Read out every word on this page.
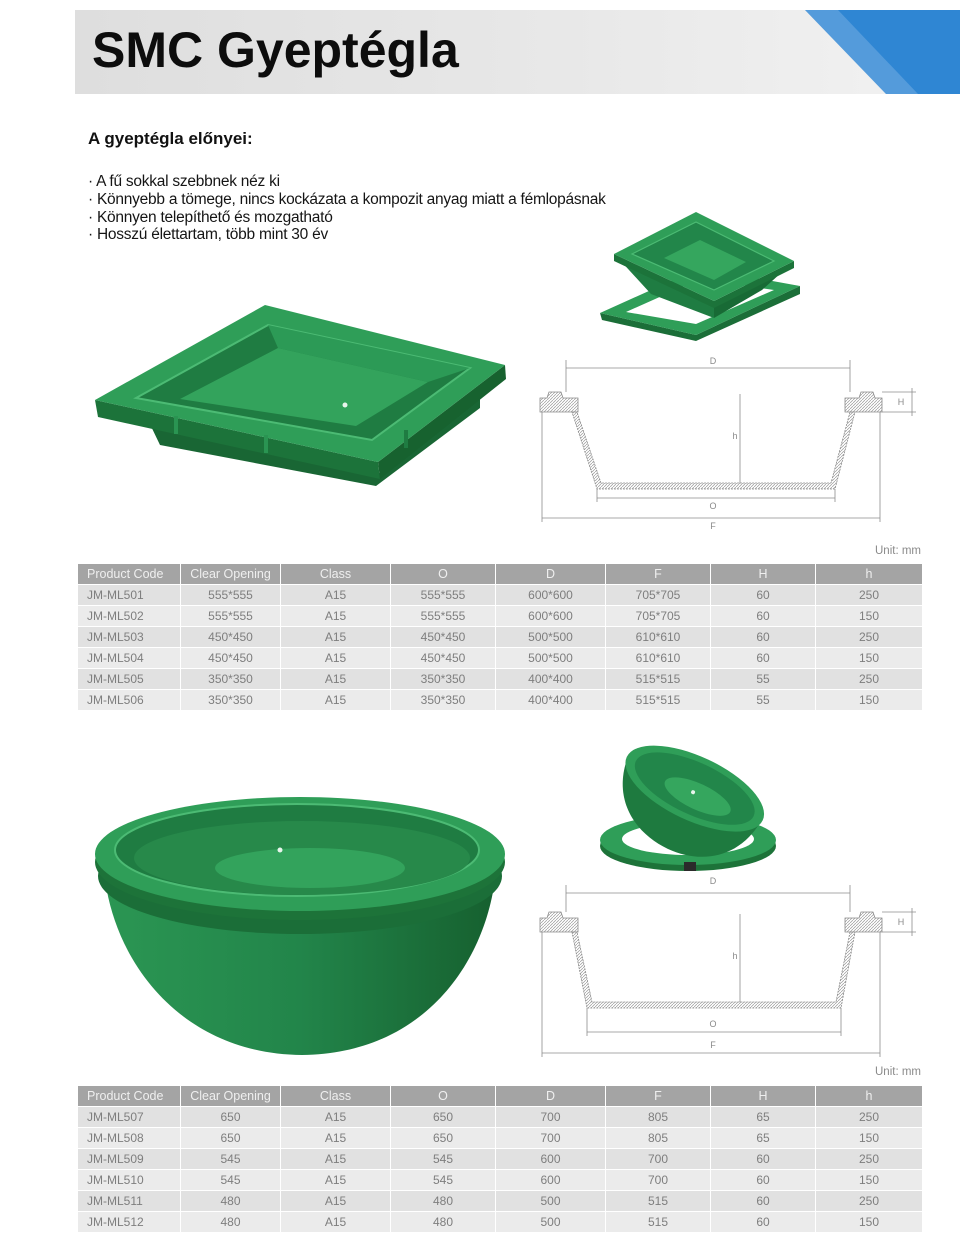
SMC Gyeptégla
A gyeptégla előnyei:
· A fű sokkal szebbnek néz ki
· Könnyebb a tömege, nincs kockázata a kompozit anyag miatt a fémlopásnak
· Könnyen telepíthető és mozgatható
· Hosszú élettartam, több mint 30 év
D
H
h
O
F
Unit: mm
Product Code	Clear Opening	Class	O	D	F	H	h
JM-ML501	555*555	A15	555*555	600*600	705*705	60	250
JM-ML502	555*555	A15	555*555	600*600	705*705	60	150
JM-ML503	450*450	A15	450*450	500*500	610*610	60	250
JM-ML504	450*450	A15	450*450	500*500	610*610	60	150
JM-ML505	350*350	A15	350*350	400*400	515*515	55	250
JM-ML506	350*350	A15	350*350	400*400	515*515	55	150
D
H
h
O
F
Unit: mm
Product Code	Clear Opening	Class	O	D	F	H	h
JM-ML507	650	A15	650	700	805	65	250
JM-ML508	650	A15	650	700	805	65	150
JM-ML509	545	A15	545	600	700	60	250
JM-ML510	545	A15	545	600	700	60	150
JM-ML511	480	A15	480	500	515	60	250
JM-ML512	480	A15	480	500	515	60	150
